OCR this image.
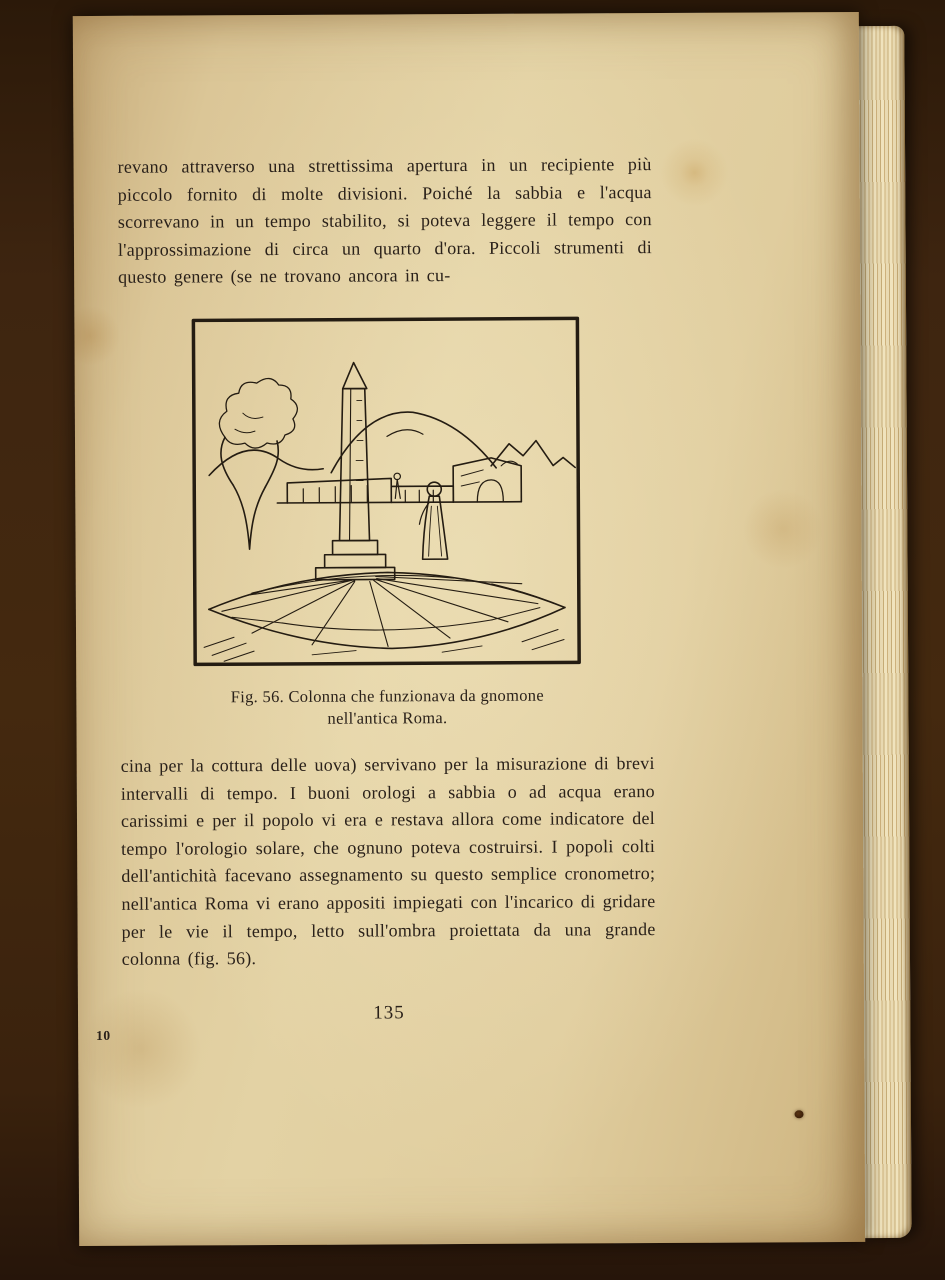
revano attraverso una strettissima apertura in un recipiente più piccolo fornito di molte divisioni. Poiché la sabbia e l'acqua scorrevano in un tempo stabilito, si poteva leggere il tempo con l'approssimazione di circa un quarto d'ora. Piccoli strumenti di questo genere (se ne trovano ancora in cu-
Fig. 56. Colonna che funzionava da gnomone
nell'antica Roma.
cina per la cottura delle uova) servivano per la misurazione di brevi intervalli di tempo. I buoni orologi a sabbia o ad acqua erano carissimi e per il popolo vi era e restava allora come indicatore del tempo l'orologio solare, che ognuno poteva costruirsi. I popoli colti dell'antichità facevano assegnamento su questo semplice cronometro; nell'antica Roma vi erano appositi impiegati con l'incarico di gridare per le vie il tempo, letto sull'ombra proiettata da una grande colonna (fig. 56).
135
10
